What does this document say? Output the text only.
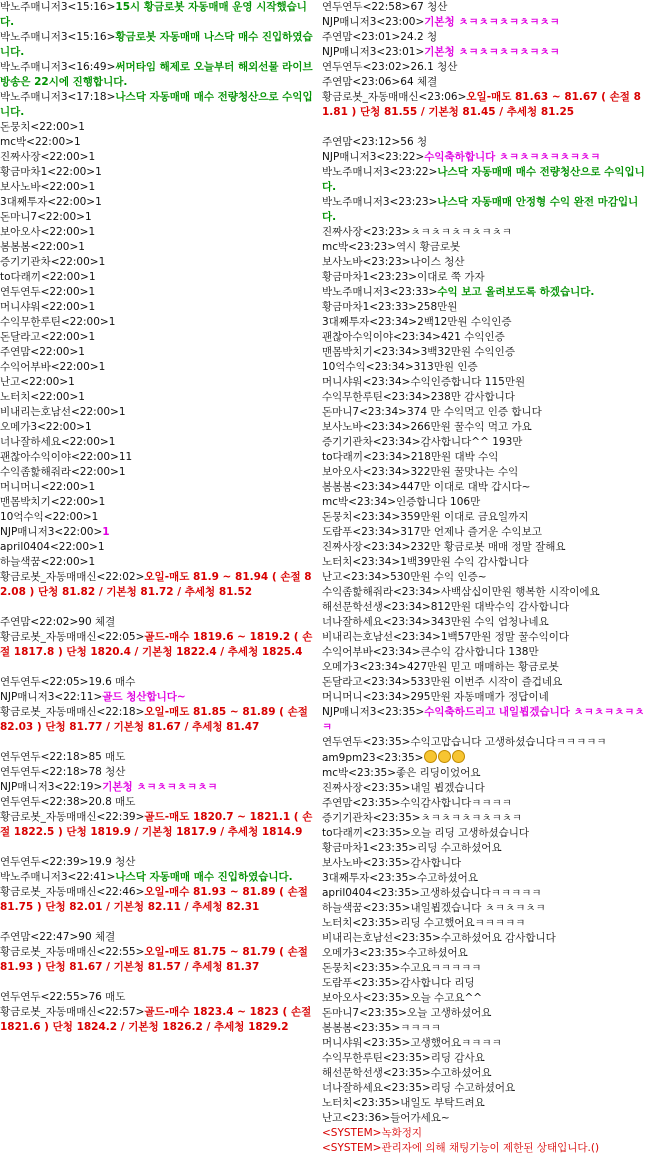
박노주매니저3<15:16>15시 황금로봇 자동매매 운영 시작했습니다.
박노주매니저3<15:16>황금로봇 자동매매 나스닥 매수 진입하였습니다.
박노주매니저3<16:49>써머타임 해제로 오늘부터 해외선물 라이브 방송은 22시에 진행합니다.
박노주매니저3<17:18>나스닥 자동매매 매수 전량청산으로 수익입니다.
돈뭉치<22:00>1
mc박<22:00>1
진짜사장<22:00>1
황금마차1<22:00>1
보사노바<22:00>1
3대째투자<22:00>1
돈마니7<22:00>1
보아오사<22:00>1
봄봄봄<22:00>1
증기기관차<22:00>1
to다래끼<22:00>1
연두연두<22:00>1
머니샤워<22:00>1
수익무한루틴<22:00>1
돈달라고<22:00>1
주연맘<22:00>1
수익어부바<22:00>1
난고<22:00>1
노터치<22:00>1
비내리는호남선<22:00>1
오메가3<22:00>1
너나잘하세요<22:00>1
괜찮아수익이야<22:00>11
수익좀핥해줘라<22:00>1
머니머니<22:00>1
맨몸박치기<22:00>1
10억수익<22:00>1
NJP매니저3<22:00>1
april0404<22:00>1
하늘색꿈<22:00>1
황금로봇_자동매매신<22:02>오일-매도 81.9 ~ 81.94 ( 손절 82.08 ) 단청 81.82 / 기본청 81.72 / 추세청 81.52
주연맘<22:02>90 체결
황금로봇_자동매매신<22:05>골드-매수 1819.6 ~ 1819.2 ( 손절 1817.8 ) 단청 1820.4 / 기본청 1822.4 / 추세청 1825.4
연두연두<22:05>19.6 매수
NJP매니저3<22:11>골드 청산합니다~
황금로봇_자동매매신<22:18>오일-매도 81.85 ~ 81.89 ( 손절 82.03 ) 단청 81.77 / 기본청 81.67 / 추세청 81.47
연두연두<22:18>85 매도
연두연두<22:18>78 청산
NJP매니저3<22:19>기본청 ㅊㅋㅊㅋㅊㅋㅊㅋ
연두연두<22:38>20.8 매도
황금로봇_자동매매신<22:39>골드-매도 1820.7 ~ 1821.1 ( 손절 1822.5 ) 단청 1819.9 / 기본청 1817.9 / 추세청 1814.9
연두연두<22:39>19.9 청산
박노주매니저3<22:41>나스닥 자동매매 매수 진입하였습니다.
황금로봇_자동매매신<22:46>오일-매수 81.93 ~ 81.89 ( 손절 81.75 ) 단청 82.01 / 기본청 82.11 / 추세청 82.31
주연맘<22:47>90 체결
황금로봇_자동매매신<22:55>오일-매도 81.75 ~ 81.79 ( 손절 81.93 ) 단청 81.67 / 기본청 81.57 / 추세청 81.37
연두연두<22:55>76 매도
황금로봇_자동매매신<22:57>골드-매수 1823.4 ~ 1823 ( 손절 1821.6 ) 단청 1824.2 / 기본청 1826.2 / 추세청 1829.2
연두연두<22:58>67 청산
NJP매니저3<23:00>기본청 ㅊㅋㅊㅋㅊㅋㅊㅋㅊㅋ
주연맘<23:01>24.2 청
NJP매니저3<23:01>기본청 ㅊㅋㅊㅋㅊㅋㅊㅋㅊㅋ
연두연두<23:02>26.1 청산
주연맘<23:06>64 체결
황금로봇_자동매매신<23:06>오일-매도 81.63 ~ 81.67 ( 손절 81.81 ) 단청 81.55 / 기본청 81.45 / 추세청 81.25
주연맘<23:12>56 청
NJP매니저3<23:22>수익축하합니다 ㅊㅋㅊㅋㅊㅋㅊㅋㅊㅋ
박노주매니저3<23:22>나스닥 자동매매 매수 전량청산으로 수익입니다.
박노주매니저3<23:23>나스닥 자동매매 안정형 수익 완전 마감입니다.
진짜사장<23:23>ㅊㅋㅊㅋㅊㅋㅊㅋㅊㅋ
mc박<23:23>역시 황금로봇
보사노바<23:23>나이스 청산
황금마차1<23:23>이대로 쭉 가자
박노주매니저3<23:33>수익 보고 올려보도록 하겠습니다.
황금마차1<23:33>258만원
3대째투자<23:34>2백12만원 수익인증
괜찮아수익이야<23:34>421 수익인증
맨몸박치기<23:34>3백32만원 수익인증
10억수익<23:34>313만원 인증
머니샤워<23:34>수익인증합니다 115만원
수익무한루틴<23:34>238만 감사합니다
돈마니7<23:34>374 만 수익먹고 인증 합니다
보사노바<23:34>266만원 꿀수익 먹고 가요
증기기관차<23:34>감사합니다^^ 193만
to다래끼<23:34>218만원 대박 수익
보아오사<23:34>322만원 꿀맛나는 수익
봄봄봄<23:34>447만 이대로 대박 갑시다~
mc박<23:34>인증합니다 106만
돈뭉치<23:34>359만원 이대로 금요일까지
도람푸<23:34>317만 언제나 즐거운 수익보고
진짜사장<23:34>232만 황금로봇 매매 정말 잘해요
노터치<23:34>1백39만원 수익 감사합니다
난고<23:34>530만원 수익 인증~
수익좀핥해줘라<23:34>사백삼십이만원 행복한 시작이에요
해선문학선생<23:34>812만원 대박수익 감사합니다
너나잘하세요<23:34>343만원 수익 엄청나네요
비내리는호남선<23:34>1백57만원 정말 꿀수익이다
수익어부바<23:34>큰수익 감사합니다 138만
오메가3<23:34>427만원 믿고 매매하는 황금로봇
돈달라고<23:34>533만원 이번주 시작이 즐겁네요
머니머니<23:34>295만원 자동매매가 정답이네
NJP매니저3<23:35>수익축하드리고 내일뵙겠습니다 ㅊㅋㅊㅋㅊㅋㅊㅋ
연두연두<23:35>수익고맙습니다 고생하셨습니다ㅋㅋㅋㅋㅋ
am9pm23<23:35>
mc박<23:35>좋은 리딩이었어요
진짜사장<23:35>내일 뵙겠습니다
주연맘<23:35>수익감사합니다ㅋㅋㅋㅋ
증기기관차<23:35>ㅊㅋㅊㅋㅊㅋㅊㅋㅊㅋ
to다래끼<23:35>오늘 리딩 고생하셨습니다
황금마차1<23:35>리딩 수고하셨어요
보사노바<23:35>감사합니다
3대째투자<23:35>수고하셨어요
april0404<23:35>고생하셨습니다ㅋㅋㅋㅋㅋ
하늘색꿈<23:35>내일뵙겠습니다 ㅊㅋㅊㅋㅊㅋ
노터치<23:35>리딩 수고했어요ㅋㅋㅋㅋㅋ
비내리는호남선<23:35>수고하셨어요 감사합니다
오메가3<23:35>수고하셨어요
돈뭉치<23:35>수고요ㅋㅋㅋㅋㅋ
도람푸<23:35>감사합니다 리딩
보아오사<23:35>오늘 수고요^^
돈마니7<23:35>오늘 고생하셨어요
봄봄봄<23:35>ㅋㅋㅋㅋ
머니샤워<23:35>고생했어요ㅋㅋㅋㅋ
수익무한루틴<23:35>리딩 감사요
해선문학선생<23:35>수고하셨어요
너나잘하세요<23:35>리딩 수고하셨어요
노터치<23:35>내일도 부탁드려요
난고<23:36>들어가세요~
<SYSTEM>녹화정지
<SYSTEM>관리자에 의해 채팅기능이 제한된 상태입니다.()
